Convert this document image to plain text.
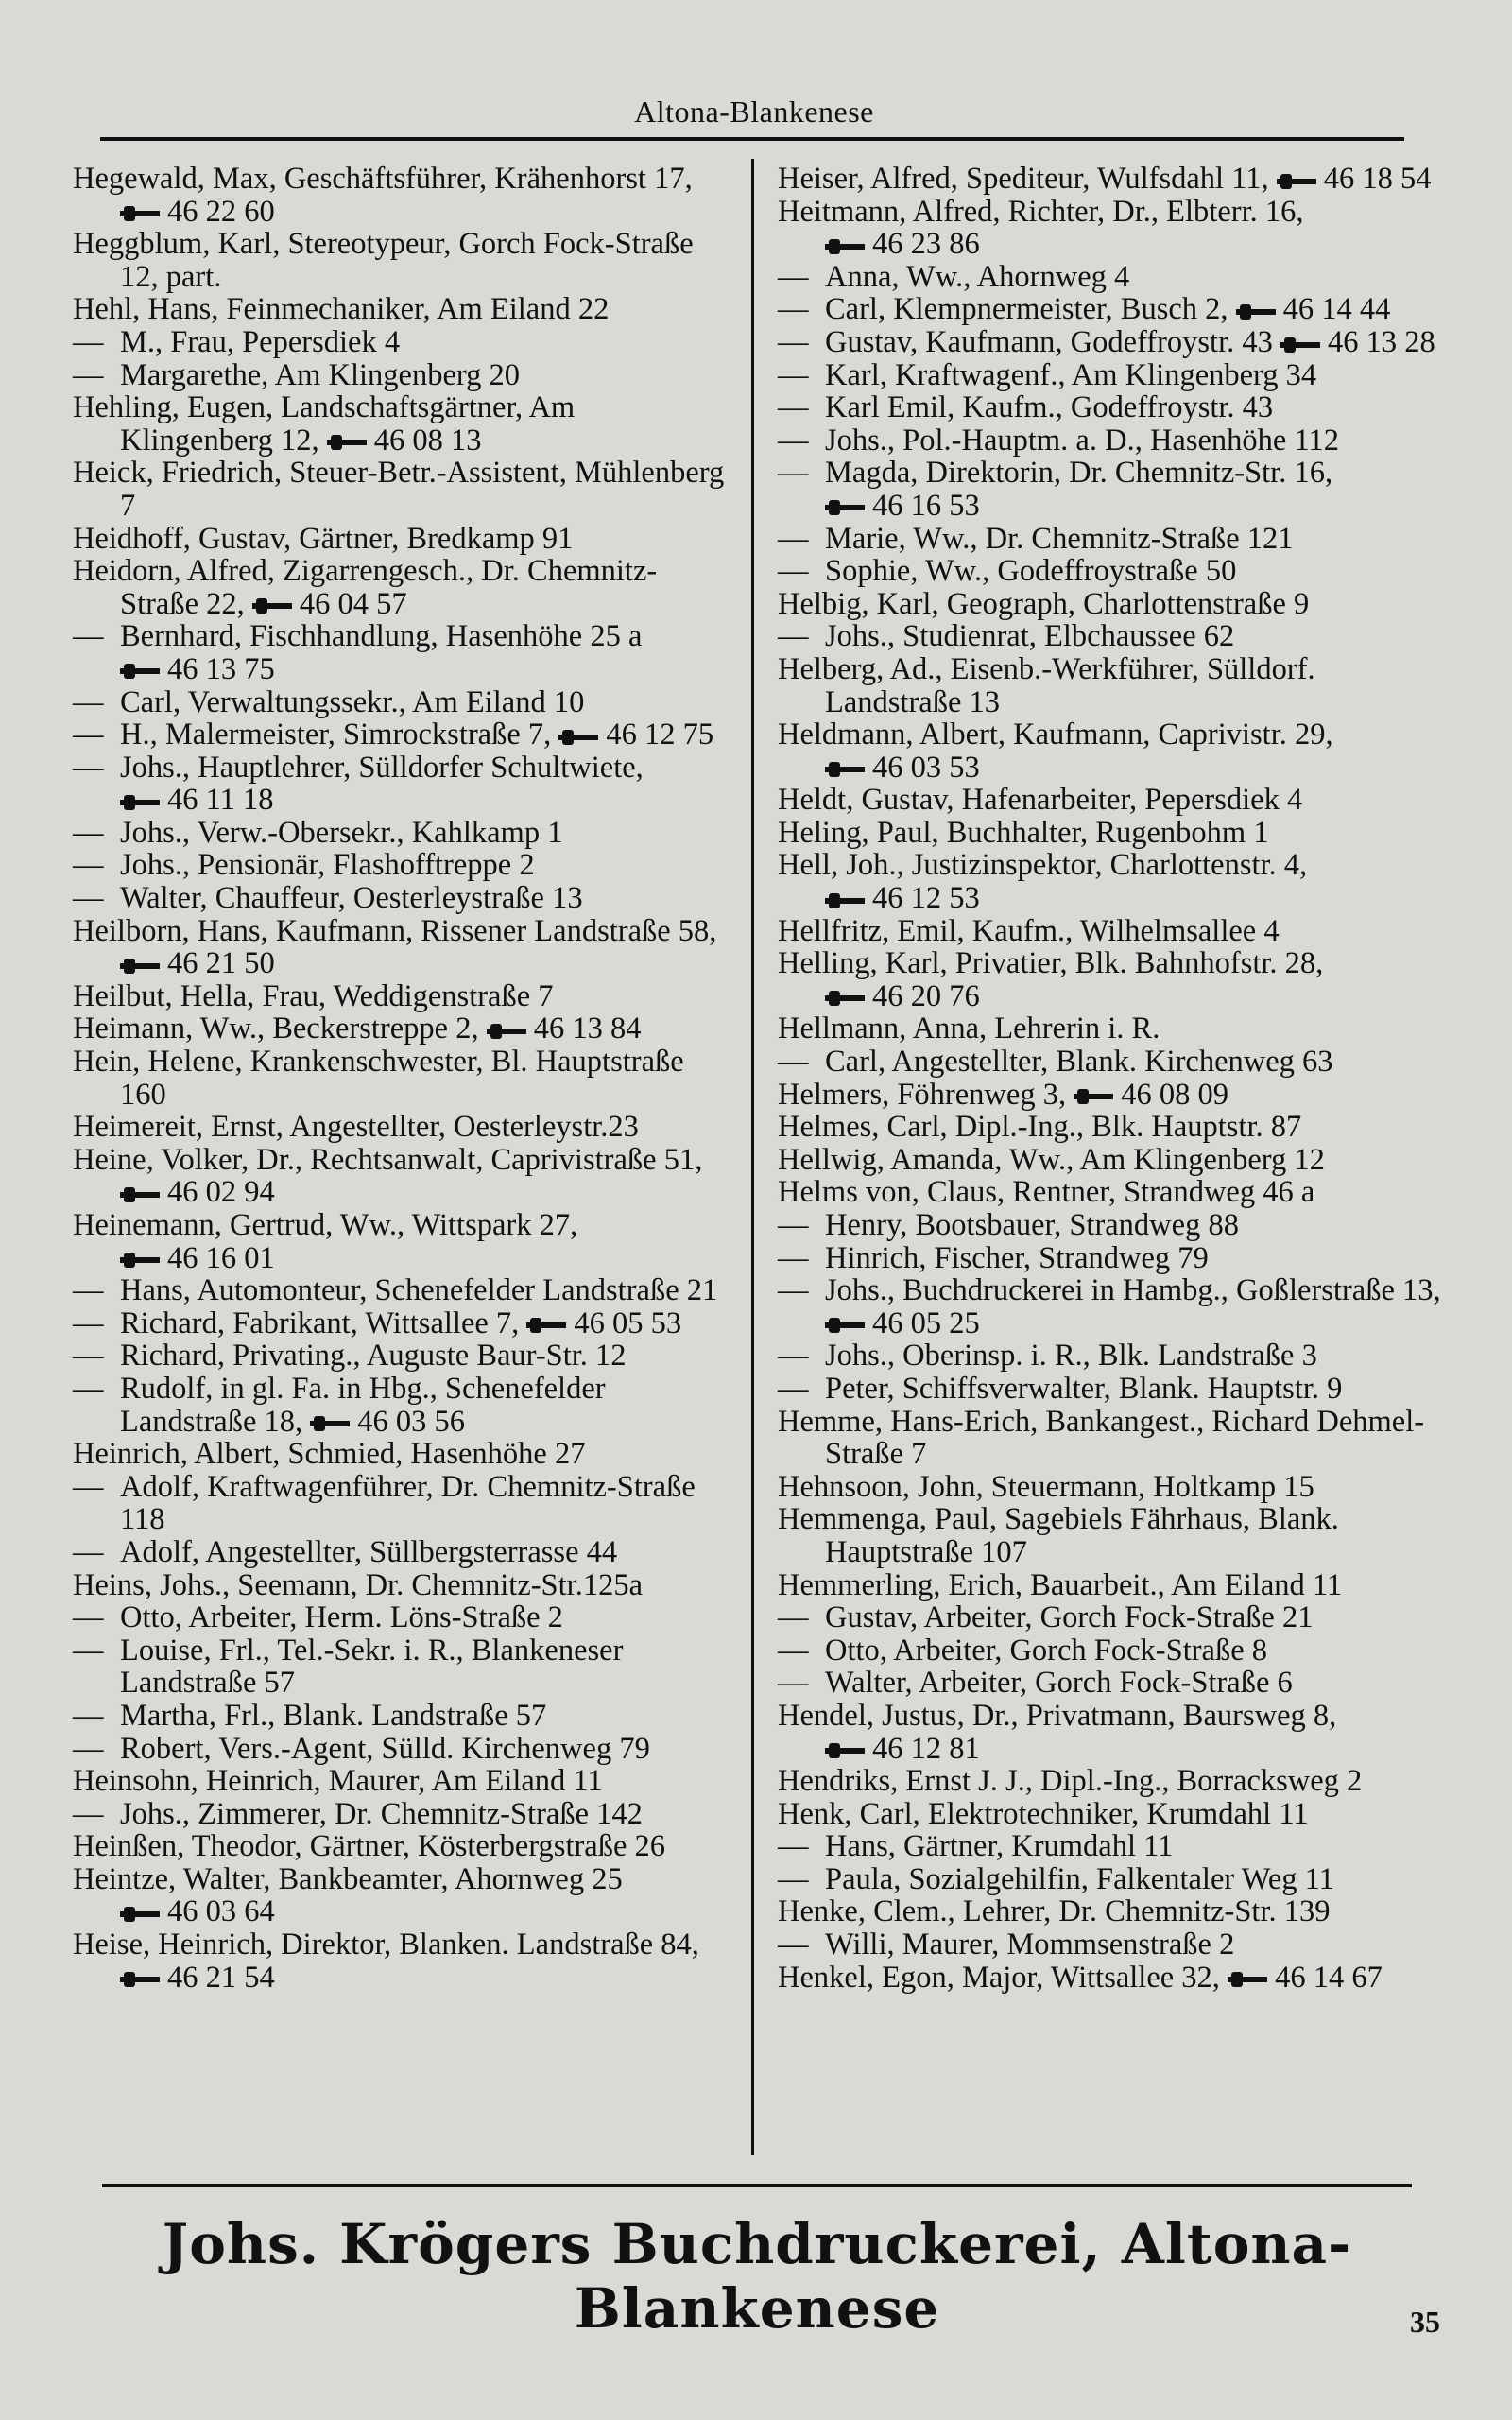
Altona-Blankenese
Hegewald, Max, Geschäftsführer, Krähenhorst 17, 46 22 60
Heggblum, Karl, Stereotypeur, Gorch Fock-Straße 12, part.
Hehl, Hans, Feinmechaniker, Am Eiland 22
— M., Frau, Pepersdiek 4
— Margarethe, Am Klingenberg 20
Hehling, Eugen, Landschaftsgärtner, Am Klingenberg 12, 46 08 13
Heick, Friedrich, Steuer-Betr.-Assistent, Mühlenberg 7
Heidhoff, Gustav, Gärtner, Bredkamp 91
Heidorn, Alfred, Zigarrengesch., Dr. Chemnitz-Straße 22, 46 04 57
— Bernhard, Fischhandlung, Hasenhöhe 25 a 46 13 75
— Carl, Verwaltungssekr., Am Eiland 10
— H., Malermeister, Simrockstraße 7, 46 12 75
— Johs., Hauptlehrer, Sülldorfer Schultwiete, 46 11 18
— Johs., Verw.-Obersekr., Kahlkamp 1
— Johs., Pensionär, Flashofftreppe 2
— Walter, Chauffeur, Oesterleystraße 13
Heilborn, Hans, Kaufmann, Rissener Landstraße 58, 46 21 50
Heilbut, Hella, Frau, Weddigenstraße 7
Heimann, Ww., Beckerstreppe 2, 46 13 84
Hein, Helene, Krankenschwester, Bl. Hauptstraße 160
Heimereit, Ernst, Angestellter, Oesterleystr.23
Heine, Volker, Dr., Rechtsanwalt, Caprivistraße 51, 46 02 94
Heinemann, Gertrud, Ww., Wittspark 27, 46 16 01
— Hans, Automonteur, Schenefelder Landstraße 21
— Richard, Fabrikant, Wittsallee 7, 46 05 53
— Richard, Privating., Auguste Baur-Str. 12
— Rudolf, in gl. Fa. in Hbg., Schenefelder Landstraße 18, 46 03 56
Heinrich, Albert, Schmied, Hasenhöhe 27
— Adolf, Kraftwagenführer, Dr. Chemnitz-Straße 118
— Adolf, Angestellter, Süllbergsterrasse 44
Heins, Johs., Seemann, Dr. Chemnitz-Str.125a
— Otto, Arbeiter, Herm. Löns-Straße 2
— Louise, Frl., Tel.-Sekr. i. R., Blankeneser Landstraße 57
— Martha, Frl., Blank. Landstraße 57
— Robert, Vers.-Agent, Sülld. Kirchenweg 79
Heinsohn, Heinrich, Maurer, Am Eiland 11
— Johs., Zimmerer, Dr. Chemnitz-Straße 142
Heinßen, Theodor, Gärtner, Kösterbergstraße 26
Heintze, Walter, Bankbeamter, Ahornweg 25 46 03 64
Heise, Heinrich, Direktor, Blanken. Landstraße 84, 46 21 54
Heiser, Alfred, Spediteur, Wulfsdahl 11, 46 18 54
Heitmann, Alfred, Richter, Dr., Elbterr. 16, 46 23 86
— Anna, Ww., Ahornweg 4
— Carl, Klempnermeister, Busch 2, 46 14 44
— Gustav, Kaufmann, Godeffroystr. 43 46 13 28
— Karl, Kraftwagenf., Am Klingenberg 34
— Karl Emil, Kaufm., Godeffroystr. 43
— Johs., Pol.-Hauptm. a. D., Hasenhöhe 112
— Magda, Direktorin, Dr. Chemnitz-Str. 16, 46 16 53
— Marie, Ww., Dr. Chemnitz-Straße 121
— Sophie, Ww., Godeffroystraße 50
Helbig, Karl, Geograph, Charlottenstraße 9
— Johs., Studienrat, Elbchaussee 62
Helberg, Ad., Eisenb.-Werkführer, Sülldorf. Landstraße 13
Heldmann, Albert, Kaufmann, Caprivistr. 29, 46 03 53
Heldt, Gustav, Hafenarbeiter, Pepersdiek 4
Heling, Paul, Buchhalter, Rugenbohm 1
Hell, Joh., Justizinspektor, Charlottenstr. 4, 46 12 53
Hellfritz, Emil, Kaufm., Wilhelmsallee 4
Helling, Karl, Privatier, Blk. Bahnhofstr. 28, 46 20 76
Hellmann, Anna, Lehrerin i. R.
— Carl, Angestellter, Blank. Kirchenweg 63
Helmers, Föhrenweg 3, 46 08 09
Helmes, Carl, Dipl.-Ing., Blk. Hauptstr. 87
Hellwig, Amanda, Ww., Am Klingenberg 12
Helms von, Claus, Rentner, Strandweg 46 a
— Henry, Bootsbauer, Strandweg 88
— Hinrich, Fischer, Strandweg 79
— Johs., Buchdruckerei in Hambg., Goßlerstraße 13, 46 05 25
— Johs., Oberinsp. i. R., Blk. Landstraße 3
— Peter, Schiffsverwalter, Blank. Hauptstr. 9
Hemme, Hans-Erich, Bankangest., Richard Dehmel-Straße 7
Hehnsoon, John, Steuermann, Holtkamp 15
Hemmenga, Paul, Sagebiels Fährhaus, Blank. Hauptstraße 107
Hemmerling, Erich, Bauarbeit., Am Eiland 11
— Gustav, Arbeiter, Gorch Fock-Straße 21
— Otto, Arbeiter, Gorch Fock-Straße 8
— Walter, Arbeiter, Gorch Fock-Straße 6
Hendel, Justus, Dr., Privatmann, Baursweg 8, 46 12 81
Hendriks, Ernst J. J., Dipl.-Ing., Borracksweg 2
Henk, Carl, Elektrotechniker, Krumdahl 11
— Hans, Gärtner, Krumdahl 11
— Paula, Sozialgehilfin, Falkentaler Weg 11
Henke, Clem., Lehrer, Dr. Chemnitz-Str. 139
— Willi, Maurer, Mommsenstraße 2
Henkel, Egon, Major, Wittsallee 32, 46 14 67
Johs. Krögers Buchdruckerei, Altona-Blankenese	35
